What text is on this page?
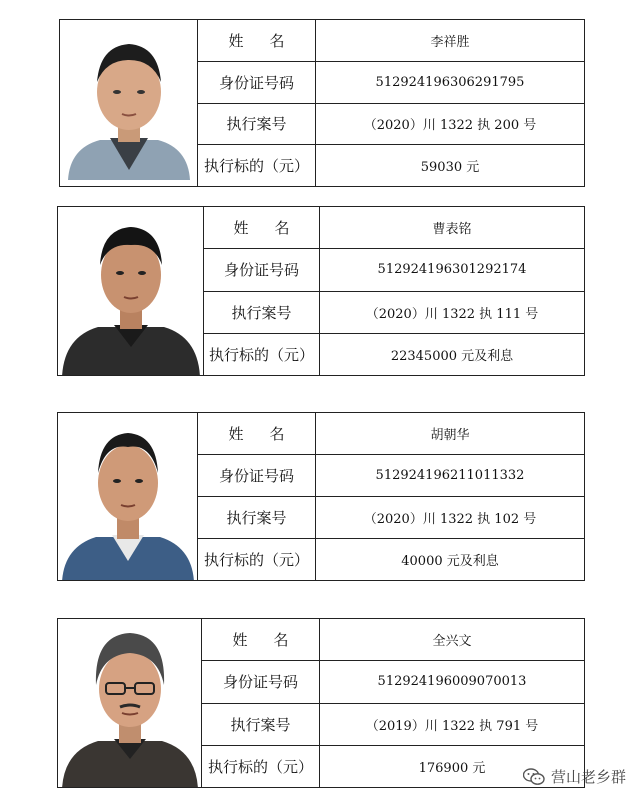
姓名	李祥胜
身份证号码	512924196306291795
执行案号	（2020）川 1322 执 200 号
执行标的（元）	59030 元
姓名	曹表铭
身份证号码	512924196301292174
执行案号	（2020）川 1322 执 111 号
执行标的（元）	22345000 元及利息
姓名	胡朝华
身份证号码	512924196211011332
执行案号	（2020）川 1322 执 102 号
执行标的（元）	40000 元及利息
姓名	全兴文
身份证号码	512924196009070013
执行案号	（2019）川 1322 执 791 号
执行标的（元）	176900 元	营山老乡群
